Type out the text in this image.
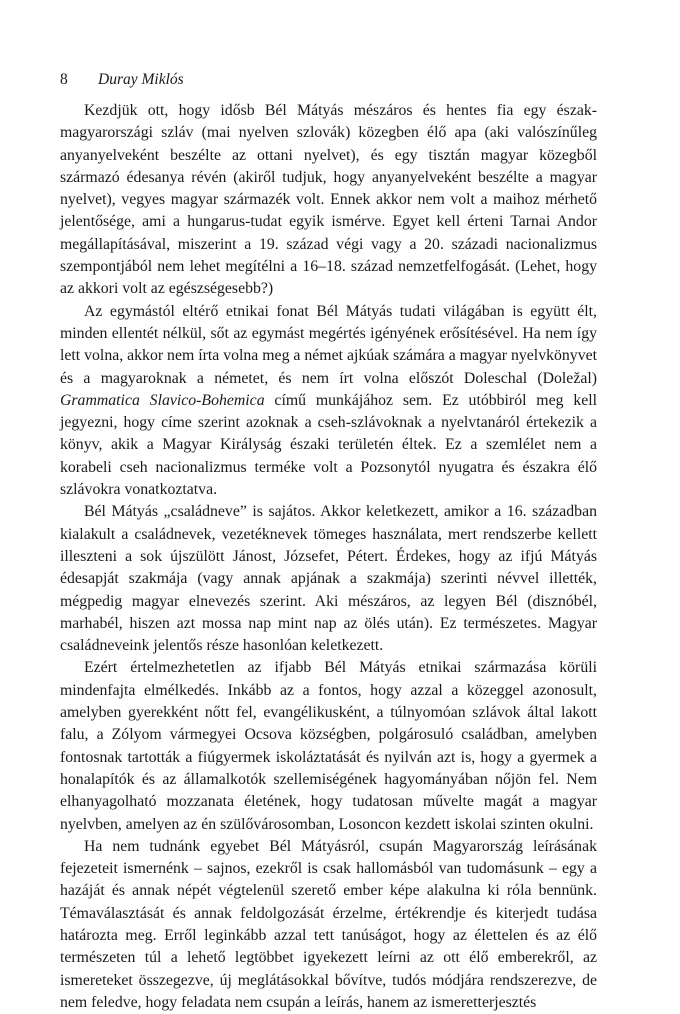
8 Duray Miklós

Kezdjük ott, hogy idősb Bél Mátyás mészáros és hentes fia egy észak-magyarországi szláv (mai nyelven szlovák) közegben élő apa (aki valószínűleg anyanyelveként beszélte az ottani nyelvet), és egy tisztán magyar közegből származó édesanya révén (akiről tudjuk, hogy anyanyelveként beszélte a magyar nyelvet), vegyes magyar származék volt. Ennek akkor nem volt a maihoz mérhető jelentősége, ami a hungarus-tudat egyik ismérve. Egyet kell érteni Tarnai Andor megállapításával, miszerint a 19. század végi vagy a 20. századi nacionalizmus szempontjából nem lehet megítélni a 16–18. század nemzetfelfogását. (Lehet, hogy az akkori volt az egészségesebb?)

Az egymástól eltérő etnikai fonat Bél Mátyás tudati világában is együtt élt, minden ellentét nélkül, sőt az egymást megértés igényének erősítésével. Ha nem így lett volna, akkor nem írta volna meg a német ajkúak számára a magyar nyelvkönyvet és a magyaroknak a németet, és nem írt volna előszót Doleschal (Doležal) Grammatica Slavico-Bohemica című munkájához sem. Ez utóbbiról meg kell jegyezni, hogy címe szerint azoknak a cseh-szlávoknak a nyelvtanáról értekezik a könyv, akik a Magyar Királyság északi területén éltek. Ez a szemlélet nem a korabeli cseh nacionalizmus terméke volt a Pozsonytól nyugatra és északra élő szlávokra vonatkoztatva.

Bél Mátyás „családneve” is sajátos. Akkor keletkezett, amikor a 16. században kialakult a családnevek, vezetéknevek tömeges használata, mert rendszerbe kellett illeszteni a sok újszülött Jánost, Józsefet, Pétert. Érdekes, hogy az ifjú Mátyás édesapját szakmája (vagy annak apjának a szakmája) szerinti névvel illették, mégpedig magyar elnevezés szerint. Aki mészáros, az legyen Bél (disznóbél, marhabél, hiszen azt mossa nap mint nap az ölés után). Ez természetes. Magyar családneveink jelentős része hasonlóan keletkezett.

Ezért értelmezhetetlen az ifjabb Bél Mátyás etnikai származása körüli mindenfajta elmélkedés. Inkább az a fontos, hogy azzal a közeggel azonosult, amelyben gyerekként nőtt fel, evangélikusként, a túlnyomóan szlávok által lakott falu, a Zólyom vármegyei Ocsova községben, polgárosuló családban, amelyben fontosnak tartották a fiúgyermek iskoláztatását és nyilván azt is, hogy a gyermek a honalapítók és az államalkotók szellemiségének hagyományában nőjön fel. Nem elhanyagolható mozzanata életének, hogy tudatosan művelte magát a magyar nyelvben, amelyen az én szülővárosomban, Losoncon kezdett iskolai szinten okulni.

Ha nem tudnánk egyebet Bél Mátyásról, csupán Magyarország leírásának fejezeteit ismernénk – sajnos, ezekről is csak hallomásból van tudomásunk – egy a hazáját és annak népét végtelenül szerető ember képe alakulna ki róla bennünk. Témaválasztását és annak feldolgozását érzelme, értékrendje és kiterjedt tudása határozta meg. Erről leginkább azzal tett tanúságot, hogy az élettelen és az élő természeten túl a lehető legtöbbet igyekezett leírni az ott élő emberekről, az ismereteket összegezve, új meglátásokkal bővítve, tudós módjára rendszerezve, de nem feledve, hogy feladata nem csupán a leírás, hanem az ismeretterjesztés
